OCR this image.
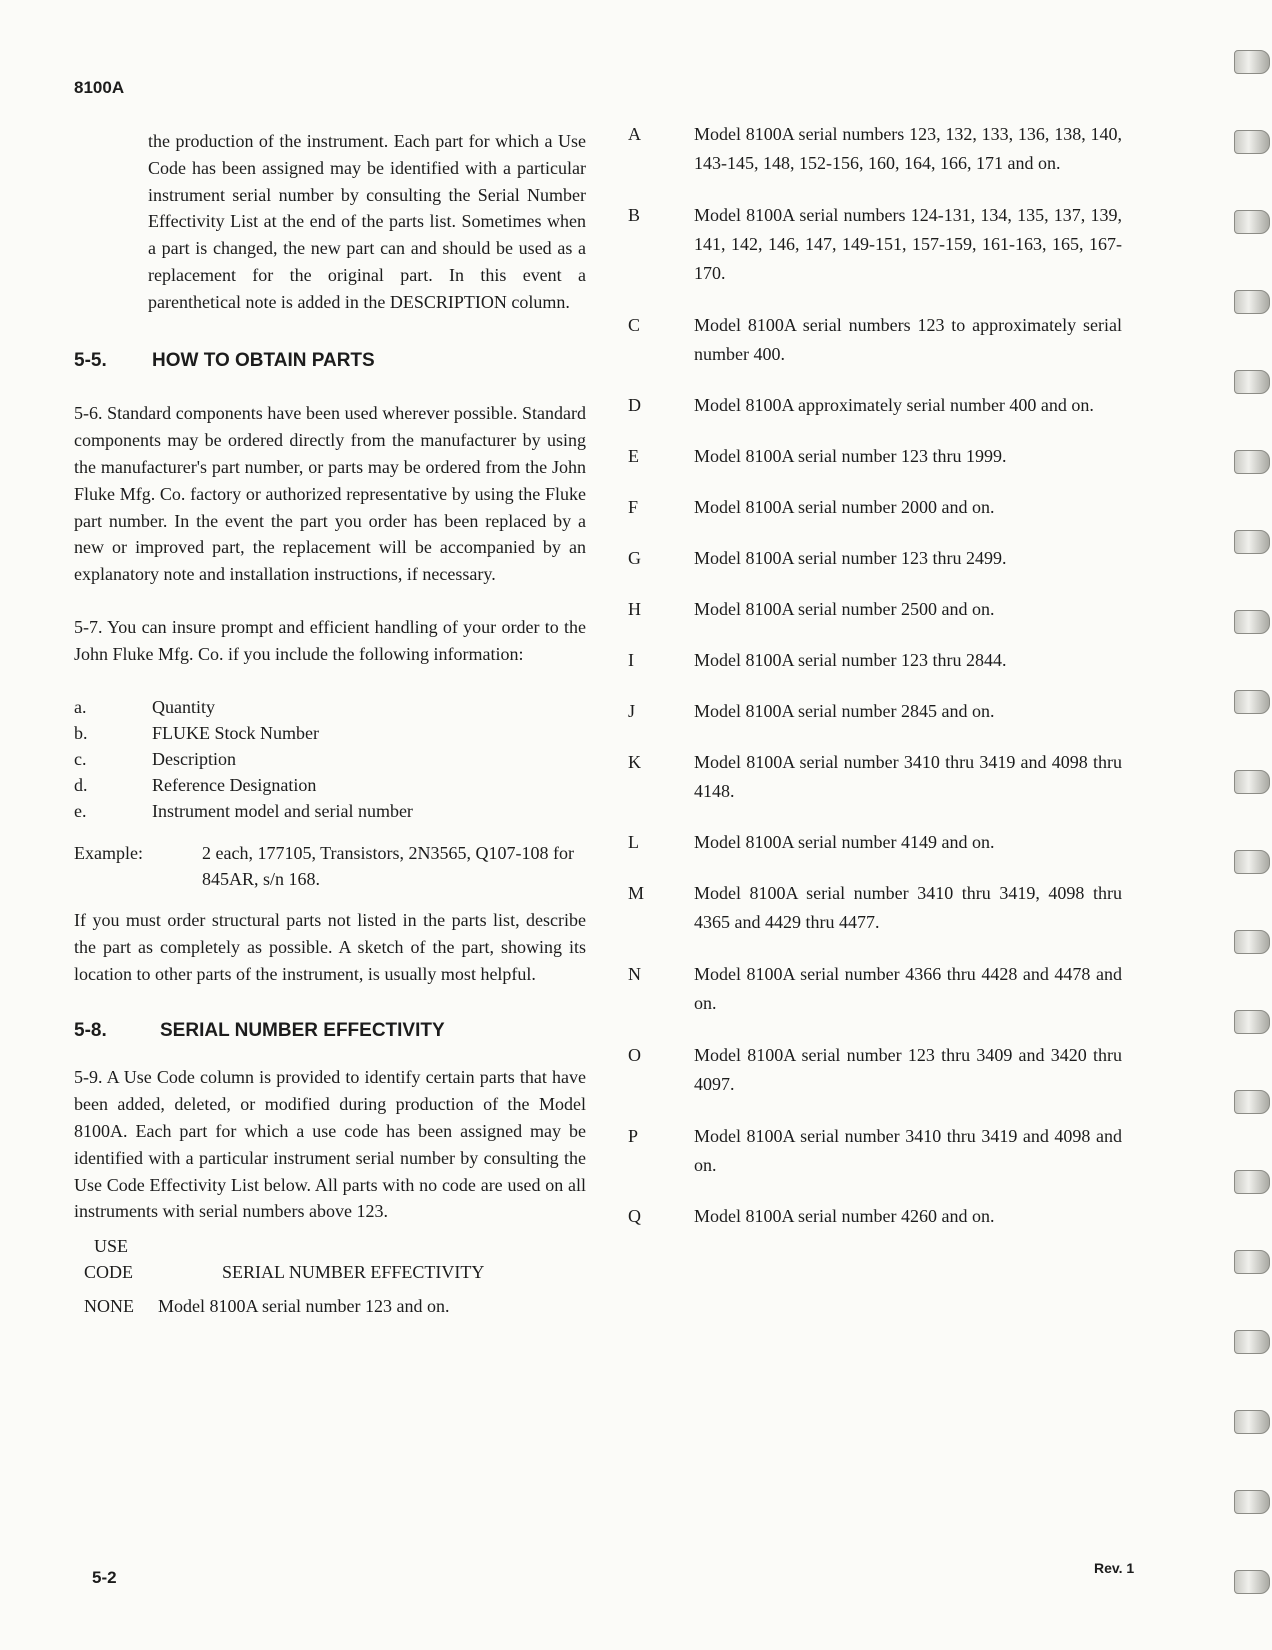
8100A

the production of the instrument. Each part for which a Use Code has been assigned may be identified with a particular instrument serial number by consulting the Serial Number Effectivity List at the end of the parts list. Sometimes when a part is changed, the new part can and should be used as a replacement for the original part. In this event a parenthetical note is added in the DESCRIPTION column.

5-5.	HOW TO OBTAIN PARTS

5-6. Standard components have been used wherever possible. Standard components may be ordered directly from the manufacturer by using the manufacturer's part number, or parts may be ordered from the John Fluke Mfg. Co. factory or authorized representative by using the Fluke part number. In the event the part you order has been replaced by a new or improved part, the replacement will be accompanied by an explanatory note and installation instructions, if necessary.

5-7. You can insure prompt and efficient handling of your order to the John Fluke Mfg. Co. if you include the following information:

a.	Quantity
b.	FLUKE Stock Number
c.	Description
d.	Reference Designation
e.	Instrument model and serial number
Example:	2 each, 177105, Transistors, 2N3565, Q107-108 for 845AR, s/n 168.

If you must order structural parts not listed in the parts list, describe the part as completely as possible. A sketch of the part, showing its location to other parts of the instrument, is usually most helpful.

5-8.	SERIAL NUMBER EFFECTIVITY

5-9. A Use Code column is provided to identify certain parts that have been added, deleted, or modified during production of the Model 8100A. Each part for which a use code has been assigned may be identified with a particular instrument serial number by consulting the Use Code Effectivity List below. All parts with no code are used on all instruments with serial numbers above 123.

USE
CODE	SERIAL NUMBER EFFECTIVITY
NONE	Model 8100A serial number 123 and on.
A	Model 8100A serial numbers 123, 132, 133, 136, 138, 140, 143-145, 148, 152-156, 160, 164, 166, 171 and on.
B	Model 8100A serial numbers 124-131, 134, 135, 137, 139, 141, 142, 146, 147, 149-151, 157-159, 161-163, 165, 167-170.
C	Model 8100A serial numbers 123 to approximately serial number 400.
D	Model 8100A approximately serial number 400 and on.
E	Model 8100A serial number 123 thru 1999.
F	Model 8100A serial number 2000 and on.
G	Model 8100A serial number 123 thru 2499.
H	Model 8100A serial number 2500 and on.
I	Model 8100A serial number 123 thru 2844.
J	Model 8100A serial number 2845 and on.
K	Model 8100A serial number 3410 thru 3419 and 4098 thru 4148.
L	Model 8100A serial number 4149 and on.
M	Model 8100A serial number 3410 thru 3419, 4098 thru 4365 and 4429 thru 4477.
N	Model 8100A serial number 4366 thru 4428 and 4478 and on.
O	Model 8100A serial number 123 thru 3409 and 3420 thru 4097.
P	Model 8100A serial number 3410 thru 3419 and 4098 and on.
Q	Model 8100A serial number 4260 and on.
5-2	Rev. 1
